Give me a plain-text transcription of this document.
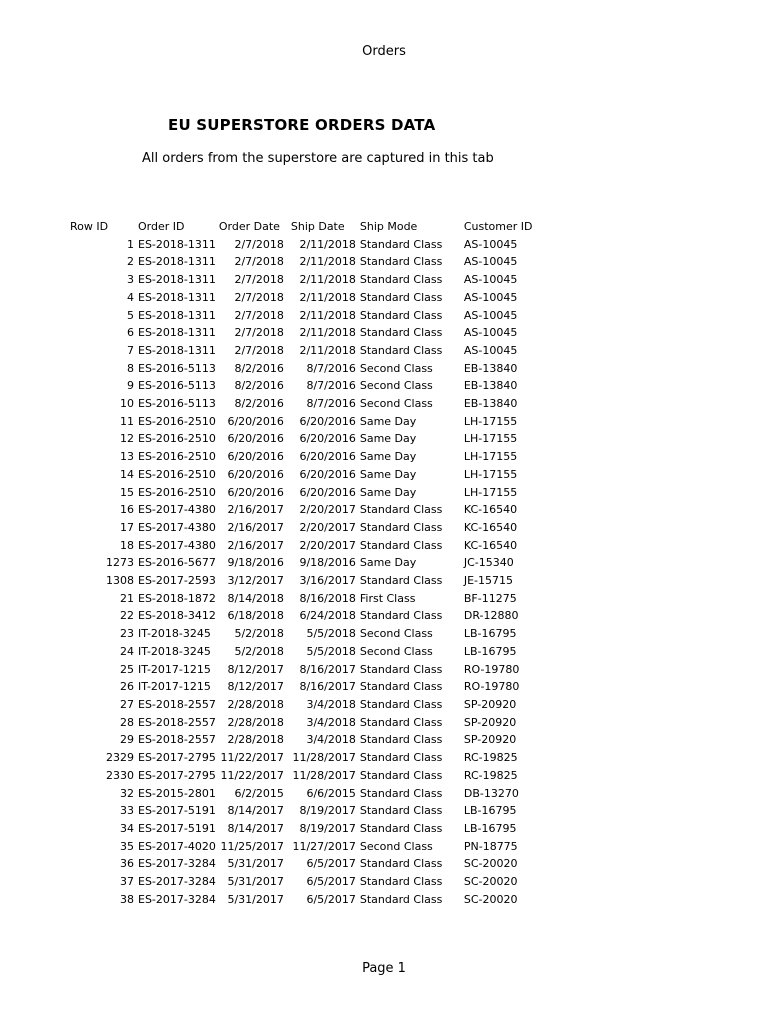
Orders
EU SUPERSTORE ORDERS DATA
All orders from the superstore are captured in this tab
Row ID	Order ID	Order Date	Ship Date	Ship Mode	Customer ID
1	ES-2018-1311	2/7/2018	2/11/2018	Standard Class	AS-10045
2	ES-2018-1311	2/7/2018	2/11/2018	Standard Class	AS-10045
3	ES-2018-1311	2/7/2018	2/11/2018	Standard Class	AS-10045
4	ES-2018-1311	2/7/2018	2/11/2018	Standard Class	AS-10045
5	ES-2018-1311	2/7/2018	2/11/2018	Standard Class	AS-10045
6	ES-2018-1311	2/7/2018	2/11/2018	Standard Class	AS-10045
7	ES-2018-1311	2/7/2018	2/11/2018	Standard Class	AS-10045
8	ES-2016-5113	8/2/2016	8/7/2016	Second Class	EB-13840
9	ES-2016-5113	8/2/2016	8/7/2016	Second Class	EB-13840
10	ES-2016-5113	8/2/2016	8/7/2016	Second Class	EB-13840
11	ES-2016-2510	6/20/2016	6/20/2016	Same Day	LH-17155
12	ES-2016-2510	6/20/2016	6/20/2016	Same Day	LH-17155
13	ES-2016-2510	6/20/2016	6/20/2016	Same Day	LH-17155
14	ES-2016-2510	6/20/2016	6/20/2016	Same Day	LH-17155
15	ES-2016-2510	6/20/2016	6/20/2016	Same Day	LH-17155
16	ES-2017-4380	2/16/2017	2/20/2017	Standard Class	KC-16540
17	ES-2017-4380	2/16/2017	2/20/2017	Standard Class	KC-16540
18	ES-2017-4380	2/16/2017	2/20/2017	Standard Class	KC-16540
1273	ES-2016-5677	9/18/2016	9/18/2016	Same Day	JC-15340
1308	ES-2017-2593	3/12/2017	3/16/2017	Standard Class	JE-15715
21	ES-2018-1872	8/14/2018	8/16/2018	First Class	BF-11275
22	ES-2018-3412	6/18/2018	6/24/2018	Standard Class	DR-12880
23	IT-2018-3245	5/2/2018	5/5/2018	Second Class	LB-16795
24	IT-2018-3245	5/2/2018	5/5/2018	Second Class	LB-16795
25	IT-2017-1215	8/12/2017	8/16/2017	Standard Class	RO-19780
26	IT-2017-1215	8/12/2017	8/16/2017	Standard Class	RO-19780
27	ES-2018-2557	2/28/2018	3/4/2018	Standard Class	SP-20920
28	ES-2018-2557	2/28/2018	3/4/2018	Standard Class	SP-20920
29	ES-2018-2557	2/28/2018	3/4/2018	Standard Class	SP-20920
2329	ES-2017-2795	11/22/2017	11/28/2017	Standard Class	RC-19825
2330	ES-2017-2795	11/22/2017	11/28/2017	Standard Class	RC-19825
32	ES-2015-2801	6/2/2015	6/6/2015	Standard Class	DB-13270
33	ES-2017-5191	8/14/2017	8/19/2017	Standard Class	LB-16795
34	ES-2017-5191	8/14/2017	8/19/2017	Standard Class	LB-16795
35	ES-2017-4020	11/25/2017	11/27/2017	Second Class	PN-18775
36	ES-2017-3284	5/31/2017	6/5/2017	Standard Class	SC-20020
37	ES-2017-3284	5/31/2017	6/5/2017	Standard Class	SC-20020
38	ES-2017-3284	5/31/2017	6/5/2017	Standard Class	SC-20020
Page 1
